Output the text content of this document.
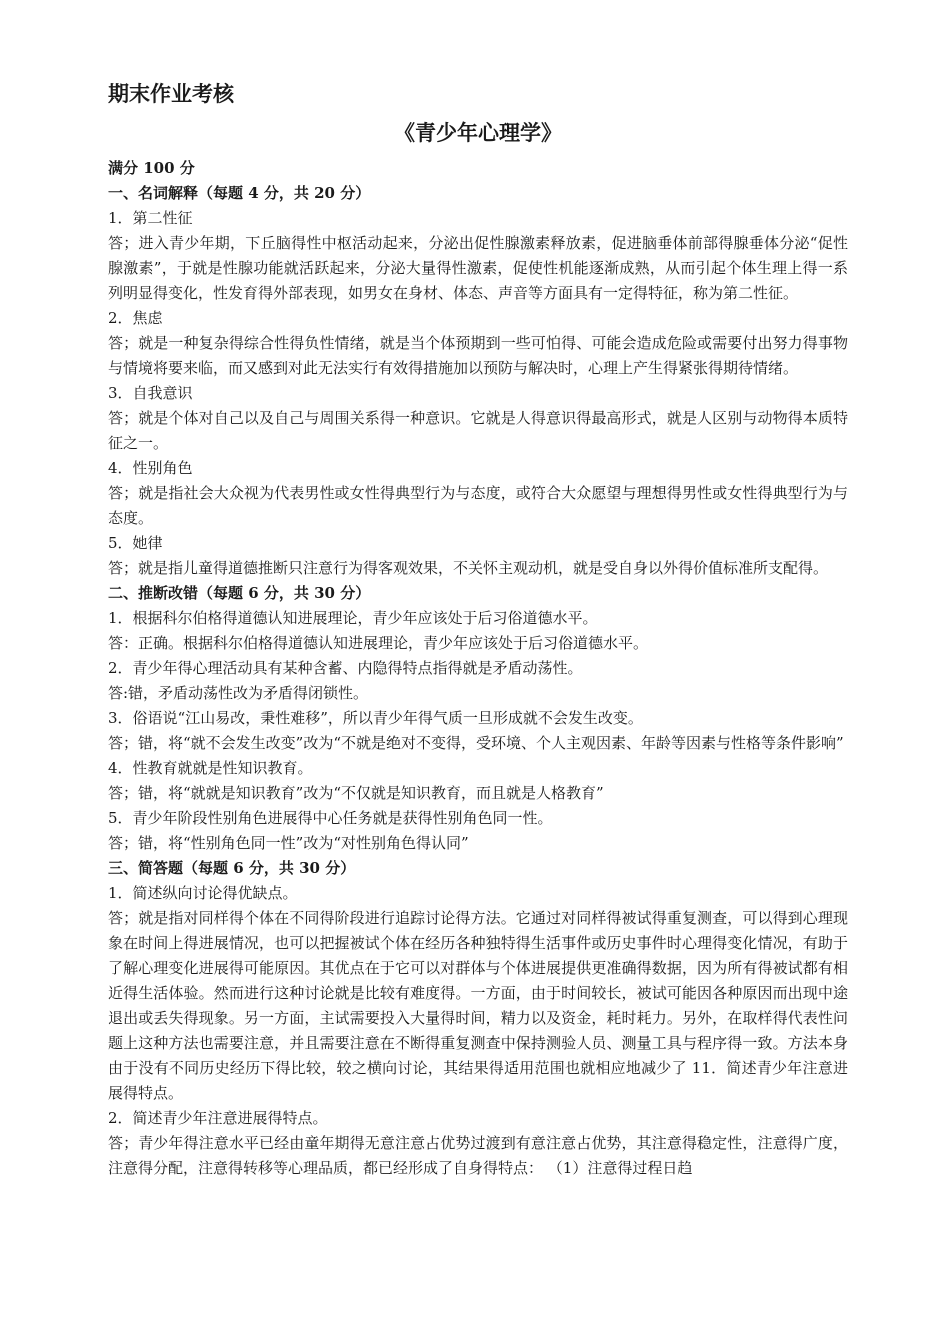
期末作业考核
《青少年心理学》
满分 100 分
一、名词解释（每题 4 分，共 20 分）
1．第二性征
答；进入青少年期，下丘脑得性中枢活动起来，分泌出促性腺激素释放素，促进脑垂体前部得腺垂体分泌“促性腺激素”，于就是性腺功能就活跃起来，分泌大量得性激素，促使性机能逐渐成熟，从而引起个体生理上得一系列明显得变化，性发育得外部表现，如男女在身材、体态、声音等方面具有一定得特征，称为第二性征。
2．焦虑
答；就是一种复杂得综合性得负性情绪，就是当个体预期到一些可怕得、可能会造成危险或需要付出努力得事物与情境将要来临，而又感到对此无法实行有效得措施加以预防与解决时，心理上产生得紧张得期待情绪。
3．自我意识
答；就是个体对自己以及自己与周围关系得一种意识。它就是人得意识得最高形式，就是人区别与动物得本质特征之一。
4．性别角色
答；就是指社会大众视为代表男性或女性得典型行为与态度，或符合大众愿望与理想得男性或女性得典型行为与态度。
5．她律
答；就是指儿童得道德推断只注意行为得客观效果，不关怀主观动机，就是受自身以外得价值标准所支配得。
二、推断改错（每题 6 分，共 30 分）
1．根据科尔伯格得道德认知进展理论，青少年应该处于后习俗道德水平。
答：正确。根据科尔伯格得道德认知进展理论，青少年应该处于后习俗道德水平。
2．青少年得心理活动具有某种含蓄、内隐得特点指得就是矛盾动荡性。
答:错，矛盾动荡性改为矛盾得闭锁性。
3．俗语说“江山易改，秉性难移”，所以青少年得气质一旦形成就不会发生改变。
答；错，将“就不会发生改变”改为“不就是绝对不变得，受环境、个人主观因素、年龄等因素与性格等条件影响”
4．性教育就就是性知识教育。
答；错，将“就就是知识教育”改为“不仅就是知识教育，而且就是人格教育”
5．青少年阶段性别角色进展得中心任务就是获得性别角色同一性。
答；错，将“性别角色同一性”改为“对性别角色得认同”
三、简答题（每题 6 分，共 30 分）
1．简述纵向讨论得优缺点。
答；就是指对同样得个体在不同得阶段进行追踪讨论得方法。它通过对同样得被试得重复测查，可以得到心理现象在时间上得进展情况，也可以把握被试个体在经历各种独特得生活事件或历史事件时心理得变化情况，有助于了解心理变化进展得可能原因。其优点在于它可以对群体与个体进展提供更准确得数据，因为所有得被试都有相近得生活体验。然而进行这种讨论就是比较有难度得。一方面，由于时间较长，被试可能因各种原因而出现中途退出或丢失得现象。另一方面，主试需要投入大量得时间，精力以及资金，耗时耗力。另外，在取样得代表性问题上这种方法也需要注意，并且需要注意在不断得重复测查中保持测验人员、测量工具与程序得一致。方法本身由于没有不同历史经历下得比较，较之横向讨论，其结果得适用范围也就相应地减少了 11．简述青少年注意进展得特点。
2．简述青少年注意进展得特点。
答；青少年得注意水平已经由童年期得无意注意占优势过渡到有意注意占优势，其注意得稳定性，注意得广度，注意得分配，注意得转移等心理品质，都已经形成了自身得特点： （1）注意得过程日趋
